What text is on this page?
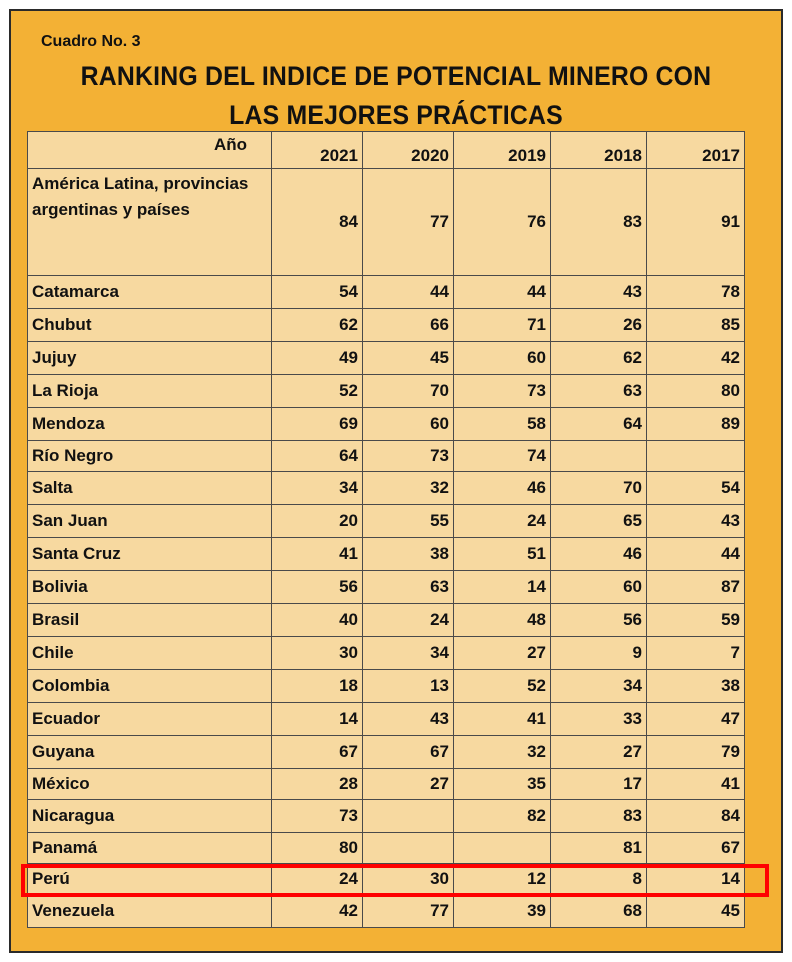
Cuadro No. 3
RANKING DEL INDICE DE POTENCIAL MINERO CON
LAS MEJORES PRÁCTICAS
Año	2021	2020	2019	2018	2017
América Latina, provincias argentinas y países	84	77	76	83	91
Catamarca	54	44	44	43	78
Chubut	62	66	71	26	85
Jujuy	49	45	60	62	42
La Rioja	52	70	73	63	80
Mendoza	69	60	58	64	89
Río Negro	64	73	74		
Salta	34	32	46	70	54
San Juan	20	55	24	65	43
Santa Cruz	41	38	51	46	44
Bolivia	56	63	14	60	87
Brasil	40	24	48	56	59
Chile	30	34	27	9	7
Colombia	18	13	52	34	38
Ecuador	14	43	41	33	47
Guyana	67	67	32	27	79
México	28	27	35	17	41
Nicaragua	73		82	83	84
Panamá	80			81	67
Perú	24	30	12	8	14
Venezuela	42	77	39	68	45
